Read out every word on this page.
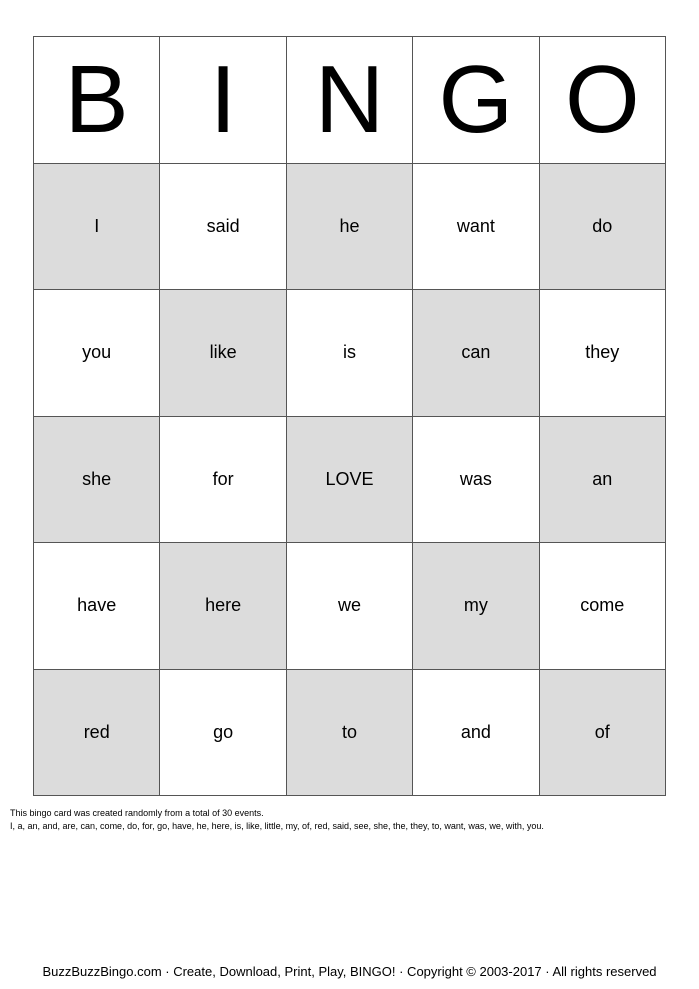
B I N G O
I	said	he	want	do
you	like	is	can	they
she	for	LOVE	was	an
have	here	we	my	come
red	go	to	and	of
This bingo card was created randomly from a total of 30 events.
I, a, an, and, are, can, come, do, for, go, have, he, here, is, like, little, my, of, red, said, see, she, the, they, to, want, was, we, with, you.
BuzzBuzzBingo.com · Create, Download, Print, Play, BINGO! · Copyright © 2003-2017 · All rights reserved
